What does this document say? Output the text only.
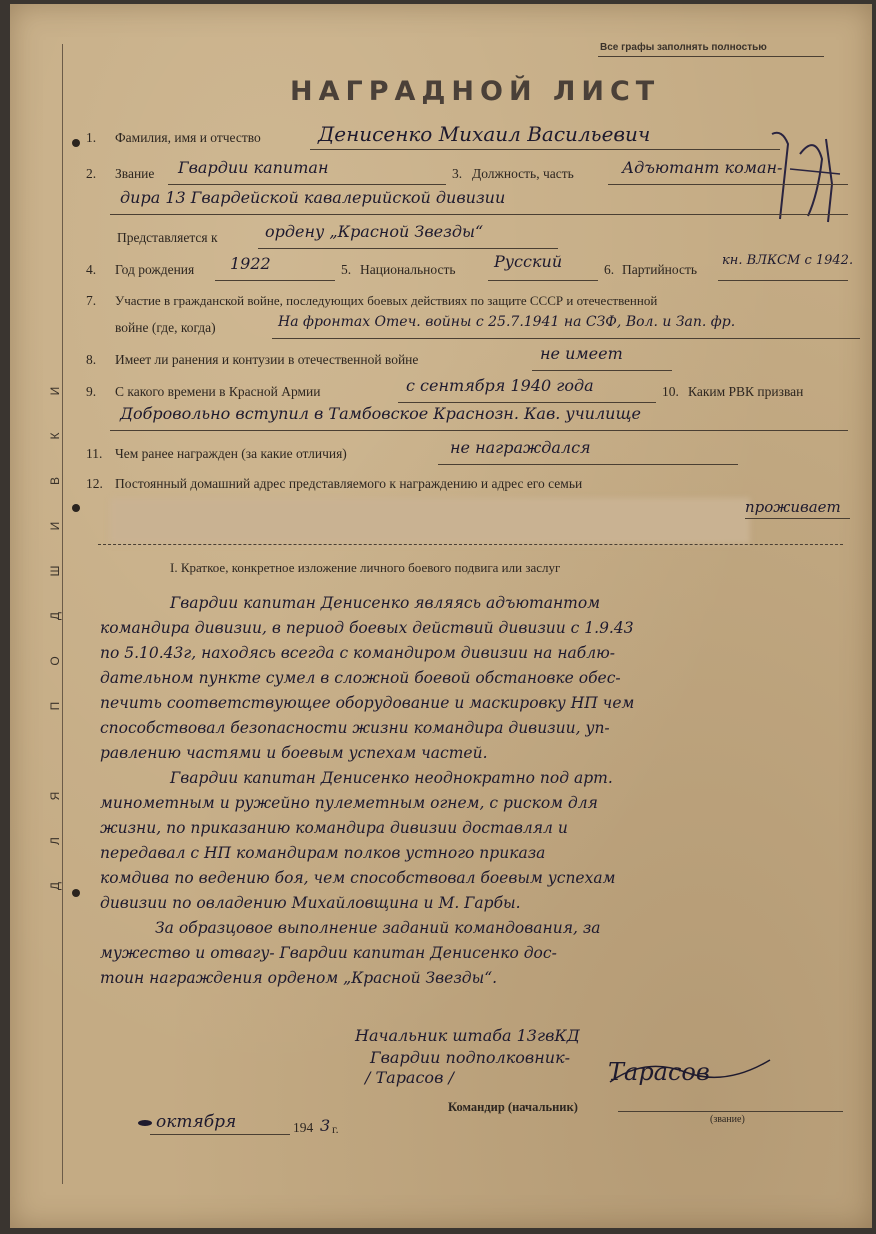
Д
Л
Я
П
О
Д
Ш
И
В
К
И
Все графы заполнять полностью
НАГРАДНОЙ ЛИСТ
1. Фамилия, имя и отчество	Денисенко Михаил Васильевич
2. Звание Гвардии капитан	3. Должность, часть	Адъютант коман-
дира 13 Гвардейской кавалерийской дивизии
Представляется к	ордену „Красной Звезды“
4. Год рождения 1922	5. Национальность Русский	6. Партийность
кн. ВЛКСМ с 1942.
7. Участие в гражданской войне, последующих боевых действиях по защите СССР и отечественной
войне (где, когда)	На фронтах Отеч. войны с 25.7.1941 на СЗФ, Вол. и Зап. фр.
8. Имеет ли ранения и контузии в отечественной войне	не имеет
9. С какого времени в Красной Армии	с сентября 1940 года	10. Каким РВК призван
Добровольно вступил в Тамбовское Краснозн. Кав. училище
11. Чем ранее награжден (за какие отличия)	не награждался
12. Постоянный домашний адрес представляемого к награждению и адрес его семьи
проживает
I. Краткое, конкретное изложение личного боевого подвига или заслуг
Гвардии капитан Денисенко являясь адъютантом
командира дивизии, в период боевых действий дивизии с 1.9.43
по 5.10.43г, находясь всегда с командиром дивизии на наблю-
дательном пункте сумел в сложной боевой обстановке обес-
печить соответствующее оборудование и маскировку НП чем
способствовал безопасности жизни командира дивизии, уп-
равлению частями и боевым успехам частей.
Гвардии капитан Денисенко неоднократно под арт.
минометным и ружейно пулеметным огнем, с риском для
жизни, по приказанию командира дивизии доставлял и
передавал с НП командирам полков устного приказа
комдива по ведению боя, чем способствовал боевым успехам
дивизии по овладению Михайловщина и М. Гарбы.
За образцовое выполнение заданий командования, за
мужество и отвагу- Гвардии капитан Денисенко дос-
тоин награждения орденом „Красной Звезды“.
Начальник штаба 13гвКД
Гвардии подполковник-
/ Тарасов /	Тарасов
Командир (начальник)
(звание)
октября	194 3 г.
